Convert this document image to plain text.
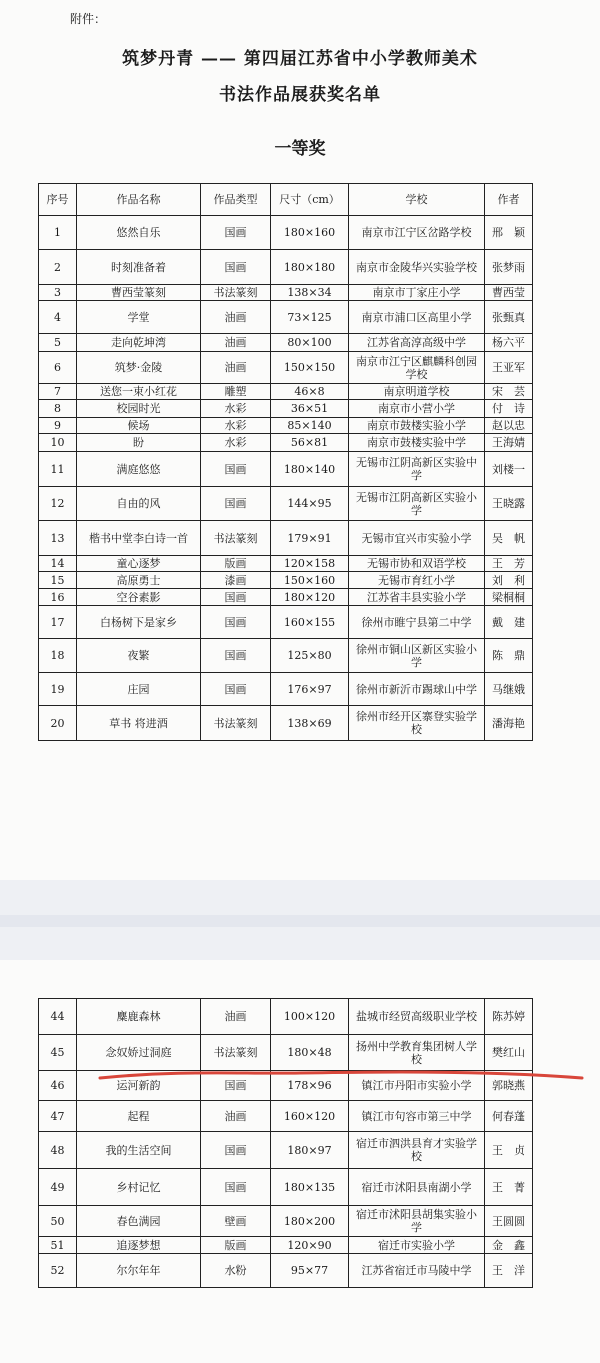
附件：
筑梦丹青 —— 第四届江苏省中小学教师美术
书法作品展获奖名单
一等奖
序号	作品名称	作品类型	尺寸（cm）	学校	作者
1	悠然自乐	国画	180×160	南京市江宁区岔路学校	邢　颖
2	时刻准备着	国画	180×180	南京市金陵华兴实验学校	张梦雨
3	曹西莹篆刻	书法篆刻	138×34	南京市丁家庄小学	曹西莹
4	学堂	油画	73×125	南京市浦口区高里小学	张甄真
5	走向乾坤湾	油画	80×100	江苏省高淳高级中学	杨六平
6	筑梦·金陵	油画	150×150	南京市江宁区麒麟科创园学校	王亚军
7	送您一束小红花	雕塑	46×8	南京明道学校	宋　芸
8	校园时光	水彩	36×51	南京市小营小学	付　诗
9	候场	水彩	85×140	南京市鼓楼实验小学	赵以忠
10	盼	水彩	56×81	南京市鼓楼实验中学	王海婧
11	满庭悠悠	国画	180×140	无锡市江阴高新区实验中学	刘楼一
12	自由的风	国画	144×95	无锡市江阴高新区实验小学	王晓露
13	楷书中堂李白诗一首	书法篆刻	179×91	无锡市宜兴市实验小学	吴　帆
14	童心逐梦	版画	120×158	无锡市协和双语学校	王　芳
15	高原勇士	漆画	150×160	无锡市育红小学	刘　利
16	空谷素影	国画	180×120	江苏省丰县实验小学	梁桐桐
17	白杨树下是家乡	国画	160×155	徐州市睢宁县第二中学	戴　建
18	夜繁	国画	125×80	徐州市铜山区新区实验小学	陈　鼎
19	庄园	国画	176×97	徐州市新沂市踢球山中学	马继娥
20	草书 将进酒	书法篆刻	138×69	徐州市经开区寨登实验学校	潘海艳
44	麋鹿森林	油画	100×120	盐城市经贸高级职业学校	陈苏婷
45	念奴娇过洞庭	书法篆刻	180×48	扬州中学教育集团树人学校	樊红山
46	运河新韵	国画	178×96	镇江市丹阳市实验小学	郭晓燕
47	起程	油画	160×120	镇江市句容市第三中学	何春蓬
48	我的生活空间	国画	180×97	宿迁市泗洪县育才实验学校	王　贞
49	乡村记忆	国画	180×135	宿迁市沭阳县南湖小学	王　菁
50	春色满园	壁画	180×200	宿迁市沭阳县胡集实验小学	王圆圆
51	追逐梦想	版画	120×90	宿迁市实验小学	金　鑫
52	尔尔年年	水粉	95×77	江苏省宿迁市马陵中学	王　洋
